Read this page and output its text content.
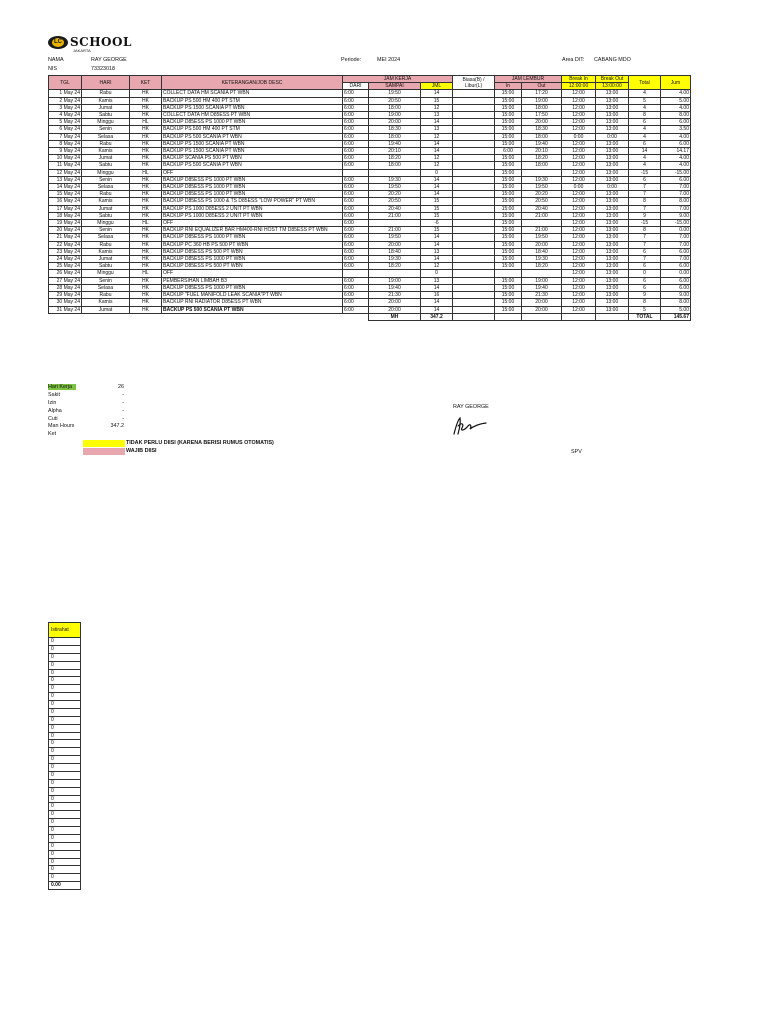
LC SCHOOL
JAKARTA
NAMA	RAY GEORGE
NIS	73323018
Periode:	MEI 2024	Area DIT: CABANG MDO
TGL	HARI	KET	KETERANGAN/JOB DESC	JAM KERJA			Biasa(B) / Libur(L)	JAM LEMBUR		Break In	Break Out	Total	Jum
				DARI	SAMPAI	JML		In	Out	12:00:00	13:00:00		

1 May 24	Rabu	HK	COLLECT DATA HM SCANIA PT WBN	6:00	19:50	14		15:00	17:20	12:00	13:00	4	4.00
2 May 24	Kamis	HK	BACKUP PS 500 HM 400 PT STM	6:00	20:50	15		15:00	19:00	12:00	13:00	5	5.00
3 May 24	Jumat	HK	BACKUP PS 1500 SCANIA PT WBN	6:00	18:00	12		15:00	18:00	12:00	13:00	4	4.00
4 May 24	Sabtu	HK	COLLECT DATA HM D85ESS PT WBN	6:00	19:00	13		15:00	17:50	12:00	13:00	8	8.00
5 May 24	Minggu	HL	BACKUP D85ESS PS 1000 PT WBN	6:00	20:00	14		15:00	20:00	12:00	13:00	6	6.00
6 May 24	Senin	HK	BACKUP PS 500 HM 400 PT STM	6:00	18:30	13		15:00	18:30	12:00	13:00	4	3.50
7 May 24	Selasa	HK	BACKUP PS 500 SCANIA PT WBN	6:00	18:00	12		15:00	18:00	0:00	0:00	4	4.00
8 May 24	Rabu	HK	BACKUP PS 1500 SCANIA PT WBN	6:00	19:40	14		15:00	19:40	12:00	13:00	6	6.00
9 May 24	Kamis	HK	BACKUP PS 1500 SCANIA PT WBN	6:00	20:10	14		6:00	20:10	12:00	13:00	14	14.17
10 May 24	Jumat	HK	BACKUP SCANIA PS 500 PT WBN	6:00	18:20	12		15:00	18:20	12:00	13:00	4	4.00
11 May 24	Sabtu	HK	BACKUP PS 500 SCANIA PT WBN	6:00	18:00	12		15:00	18:00	12:00	13:00	4	4.00
12 May 24	Minggu	HL	OFF			0		15:00		12:00	13:00	-15	-15.00
13 May 24	Senin	HK	BACKUP D85ESS PS 1000 PT WBN	6:00	19:30	14		15:00	19:30	12:00	13:00	6	6.00
14 May 24	Selasa	HK	BACKUP D85ESS PS 1000 PT WBN	6:00	19:50	14		15:00	19:50	0:00	0:00	7	7.00
15 May 24	Rabu	HK	BACKUP D85ESS PS 1000 PT WBN	6:00	20:20	14		15:00	20:20	12:00	13:00	7	7.00
16 May 24	Kamis	HK	BACKUP D85ESS PS 1000 & TS D85ESS "LOW POWER" PT WBN	6:00	20:50	15		15:00	20:50	12:00	13:00	8	8.00
17 May 24	Jumat	HK	BACKUP PS 1000 D85ESS 2 UNIT PT WBN	6:00	20:40	15		15:00	20:40	12:00	13:00	7	7.00
18 May 24	Sabtu	HK	BACKUP PS 1000 D85ESS 2 UNIT PT WBN	6:00	21:00	15		15:00	21:00	12:00	13:00	9	9.00
19 May 24	Minggu	HL	OFF	6:00		-6		15:00		12:00	13:00	-15	-15.00
20 May 24	Senin	HK	BACKUP RNI EQUALIZER BAR HM400-RNI HOST TM D85ESS PT WBN	6:00	21:00	15		15:00	21:00	12:00	13:00	8	0.00
21 May 24	Selasa	HK	BACKUP D85ESS PS 1000 PT WBN	6:00	19:50	14		15:00	19:50	12:00	13:00	7	7.00
22 May 24	Rabu	HK	BACKUP PC 360 HB PS 500 PT WBN	6:00	20:00	14		15:00	20:00	12:00	13:00	7	7.00
23 May 24	Kamis	HK	BACKUP D85ESS PS 500 PT WBN	6:00	18:40	13		15:00	18:40	12:00	13:00	6	6.00
24 May 24	Jumat	HK	BACKUP D85ESS PS 1000 PT WBN	6:00	19:30	14		15:00	19:30	12:00	13:00	7	7.00
25 May 24	Sabtu	HK	BACKUP D85ESS PS 500 PT WBN	6:00	18:20	12		15:00	18:20	12:00	13:00	6	6.00
26 May 24	Minggu	HL	OFF			0				12:00	13:00	0	0.00
27 May 24	Senin	HK	PEMBERSIHAN LIMBAH B3	6:00	19:00	13		15:00	19:00	12:00	13:00	6	6.00
28 May 24	Selasa	HK	BACKUP D85ESS PS 1000 PT WBN	6:00	19:40	14		15:00	19:40	12:00	13:00	6	6.00
29 May 24	Rabu	HK	BACKUP "FUEL MANIFOLD LEAK SCANIA"PT WBN	6:00	21:30	16		15:00	21:30	12:00	13:00	9	9.00
30 May 24	Kamis	HK	BACKUP RNI RADIATOR D85ESS PT WBN	6:00	20:00	14		15:00	20:00	12:00	13:00	8	8.00
31 May 24	Jumat	HK	BACKUP PS 500 SCANIA PT WBN	6:00	20:00	14		15:00	20:00	12:00	13:00	5	5.00
					MH	347.2						TOTAL	145.67
Hari Kerja	26
Sakit	-
Izin	-
Alpha	-
Cuti	-
Man Hours	347.2
Ket
TIDAK PERLU DIISI (KARENA BERISI RUMUS OTOMATIS)
WAJIB DIISI
RAY GEORGE
SPV
Istirahat
0
0
0
0
0
0
0
0
0
0
0
0
0
0
0
0
0
0
0
0
0
0
0
0
0
0
0
0
0
0
0
0.00
